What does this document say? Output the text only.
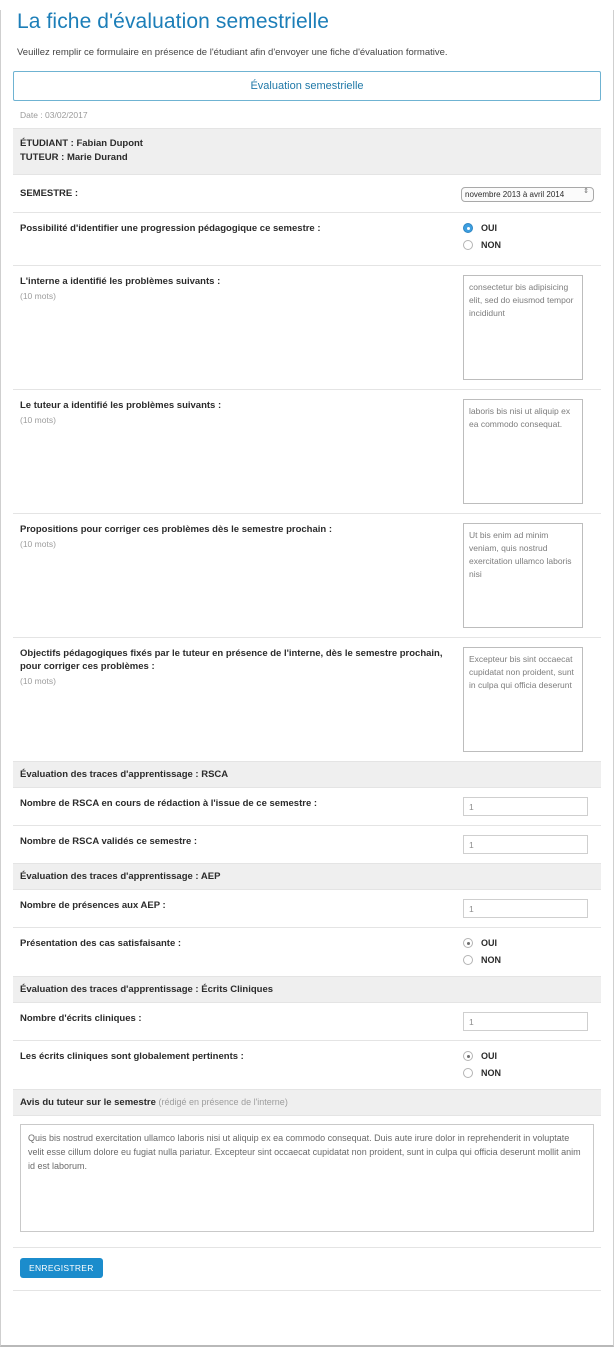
La fiche d'évaluation semestrielle
Veuillez remplir ce formulaire en présence de l'étudiant afin d'envoyer une fiche d'évaluation formative.
Évaluation semestrielle
Date : 03/02/2017
ÉTUDIANT : Fabian Dupont
TUTEUR : Marie Durand
SEMESTRE :
novembre 2013 à avril 2014	⇕
Possibilité d'identifier une progression pédagogique ce semestre :	OUI
NON
L'interne a identifié les problèmes suivants :
(10 mots)
consectetur bis adipisicing elit, sed do eiusmod tempor incididunt
Le tuteur a identifié les problèmes suivants :
(10 mots)
laboris bis nisi ut aliquip ex ea commodo consequat.
Propositions pour corriger ces problèmes dès le semestre prochain :
(10 mots)
Ut bis enim ad minim veniam, quis nostrud exercitation ullamco laboris nisi
Objectifs pédagogiques fixés par le tuteur en présence de l'interne, dès le semestre prochain, pour corriger ces problèmes :
(10 mots)
Excepteur bis sint occaecat cupidatat non proident, sunt in culpa qui officia deserunt
Évaluation des traces d'apprentissage : RSCA
Nombre de RSCA en cours de rédaction à l'issue de ce semestre :
1
Nombre de RSCA validés ce semestre :
1
Évaluation des traces d'apprentissage : AEP
Nombre de présences aux AEP :
1
Présentation des cas satisfaisante :	OUI
NON
Évaluation des traces d'apprentissage : Écrits Cliniques
Nombre d'écrits cliniques :
1
Les écrits cliniques sont globalement pertinents :	OUI
NON
Avis du tuteur sur le semestre (rédigé en présence de l'interne)
Quis bis nostrud exercitation ullamco laboris nisi ut aliquip ex ea commodo consequat. Duis aute irure dolor in reprehenderit in voluptate velit esse cillum dolore eu fugiat nulla pariatur. Excepteur sint occaecat cupidatat non proident, sunt in culpa qui officia deserunt mollit anim id est laborum.
ENREGISTRER
